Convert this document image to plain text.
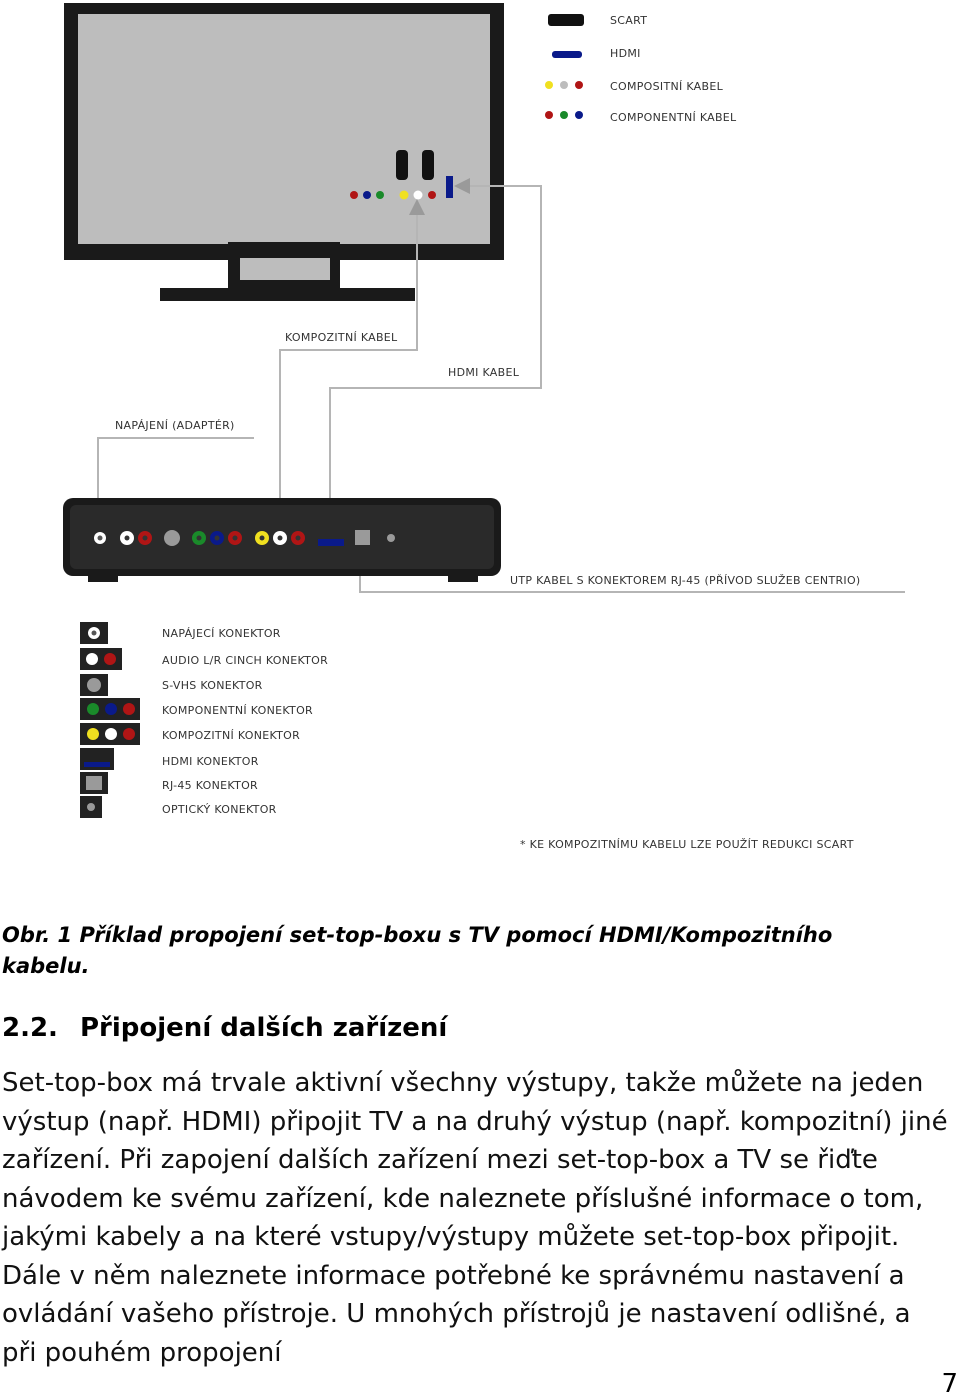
SCART
HDMI
COMPOSITNÍ KABEL
COMPONENTNÍ KABEL
KOMPOZITNÍ KABEL
HDMI KABEL
NAPÁJENÍ (ADAPTÉR)
UTP KABEL S KONEKTOREM RJ-45 (PŘÍVOD SLUŽEB CENTRIO)
NAPÁJECÍ KONEKTOR
AUDIO L/R CINCH KONEKTOR
S-VHS KONEKTOR
KOMPONENTNÍ KONEKTOR
KOMPOZITNÍ KONEKTOR
HDMI KONEKTOR
RJ-45 KONEKTOR
OPTICKÝ KONEKTOR
* KE KOMPOZITNÍMU KABELU LZE POUŽÍT REDUKCI SCART

Obr. 1 Příklad propojení set-top-boxu s TV pomocí HDMI/Kompozitního kabelu.

2.2. Připojení dalších zařízení

Set-top-box má trvale aktivní všechny výstupy, takže můžete na jeden výstup (např. HDMI) připojit TV a na druhý výstup (např. kompozitní) jiné zařízení. Při zapojení dalších zařízení mezi set-top-box a TV se řiďte návodem ke svému zařízení, kde naleznete příslušné informace o tom, jakými kabely a na které vstupy/výstupy můžete set-top-box připojit. Dále v něm naleznete informace potřebné ke správnému nastavení a ovládání vašeho přístroje. U mnohých přístrojů je nastavení odlišné, a při pouhém propojení

7
